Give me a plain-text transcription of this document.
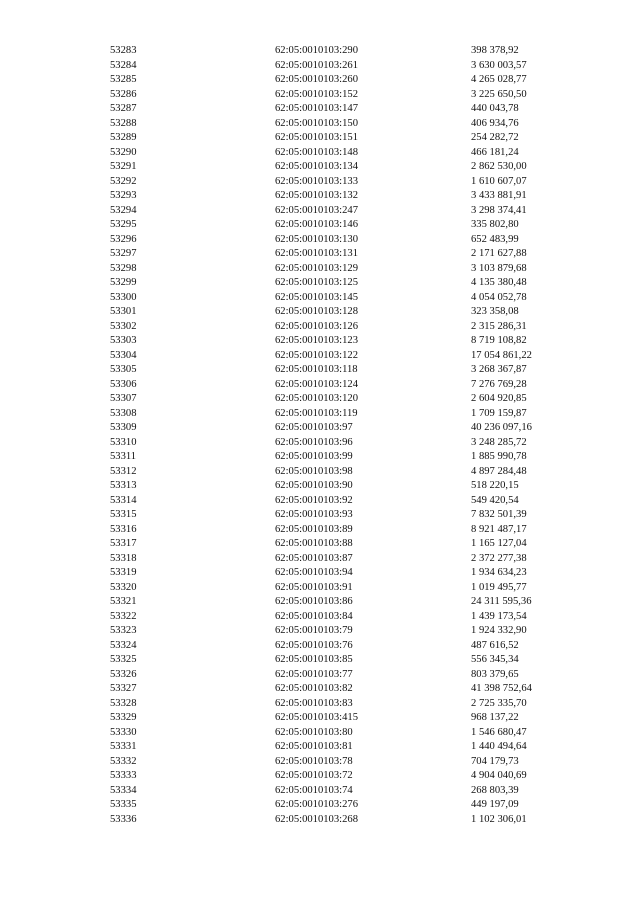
53283	62:05:0010103:290	398 378,92
53284	62:05:0010103:261	3 630 003,57
53285	62:05:0010103:260	4 265 028,77
53286	62:05:0010103:152	3 225 650,50
53287	62:05:0010103:147	440 043,78
53288	62:05:0010103:150	406 934,76
53289	62:05:0010103:151	254 282,72
53290	62:05:0010103:148	466 181,24
53291	62:05:0010103:134	2 862 530,00
53292	62:05:0010103:133	1 610 607,07
53293	62:05:0010103:132	3 433 881,91
53294	62:05:0010103:247	3 298 374,41
53295	62:05:0010103:146	335 802,80
53296	62:05:0010103:130	652 483,99
53297	62:05:0010103:131	2 171 627,88
53298	62:05:0010103:129	3 103 879,68
53299	62:05:0010103:125	4 135 380,48
53300	62:05:0010103:145	4 054 052,78
53301	62:05:0010103:128	323 358,08
53302	62:05:0010103:126	2 315 286,31
53303	62:05:0010103:123	8 719 108,82
53304	62:05:0010103:122	17 054 861,22
53305	62:05:0010103:118	3 268 367,87
53306	62:05:0010103:124	7 276 769,28
53307	62:05:0010103:120	2 604 920,85
53308	62:05:0010103:119	1 709 159,87
53309	62:05:0010103:97	40 236 097,16
53310	62:05:0010103:96	3 248 285,72
53311	62:05:0010103:99	1 885 990,78
53312	62:05:0010103:98	4 897 284,48
53313	62:05:0010103:90	518 220,15
53314	62:05:0010103:92	549 420,54
53315	62:05:0010103:93	7 832 501,39
53316	62:05:0010103:89	8 921 487,17
53317	62:05:0010103:88	1 165 127,04
53318	62:05:0010103:87	2 372 277,38
53319	62:05:0010103:94	1 934 634,23
53320	62:05:0010103:91	1 019 495,77
53321	62:05:0010103:86	24 311 595,36
53322	62:05:0010103:84	1 439 173,54
53323	62:05:0010103:79	1 924 332,90
53324	62:05:0010103:76	487 616,52
53325	62:05:0010103:85	556 345,34
53326	62:05:0010103:77	803 379,65
53327	62:05:0010103:82	41 398 752,64
53328	62:05:0010103:83	2 725 335,70
53329	62:05:0010103:415	968 137,22
53330	62:05:0010103:80	1 546 680,47
53331	62:05:0010103:81	1 440 494,64
53332	62:05:0010103:78	704 179,73
53333	62:05:0010103:72	4 904 040,69
53334	62:05:0010103:74	268 803,39
53335	62:05:0010103:276	449 197,09
53336	62:05:0010103:268	1 102 306,01
